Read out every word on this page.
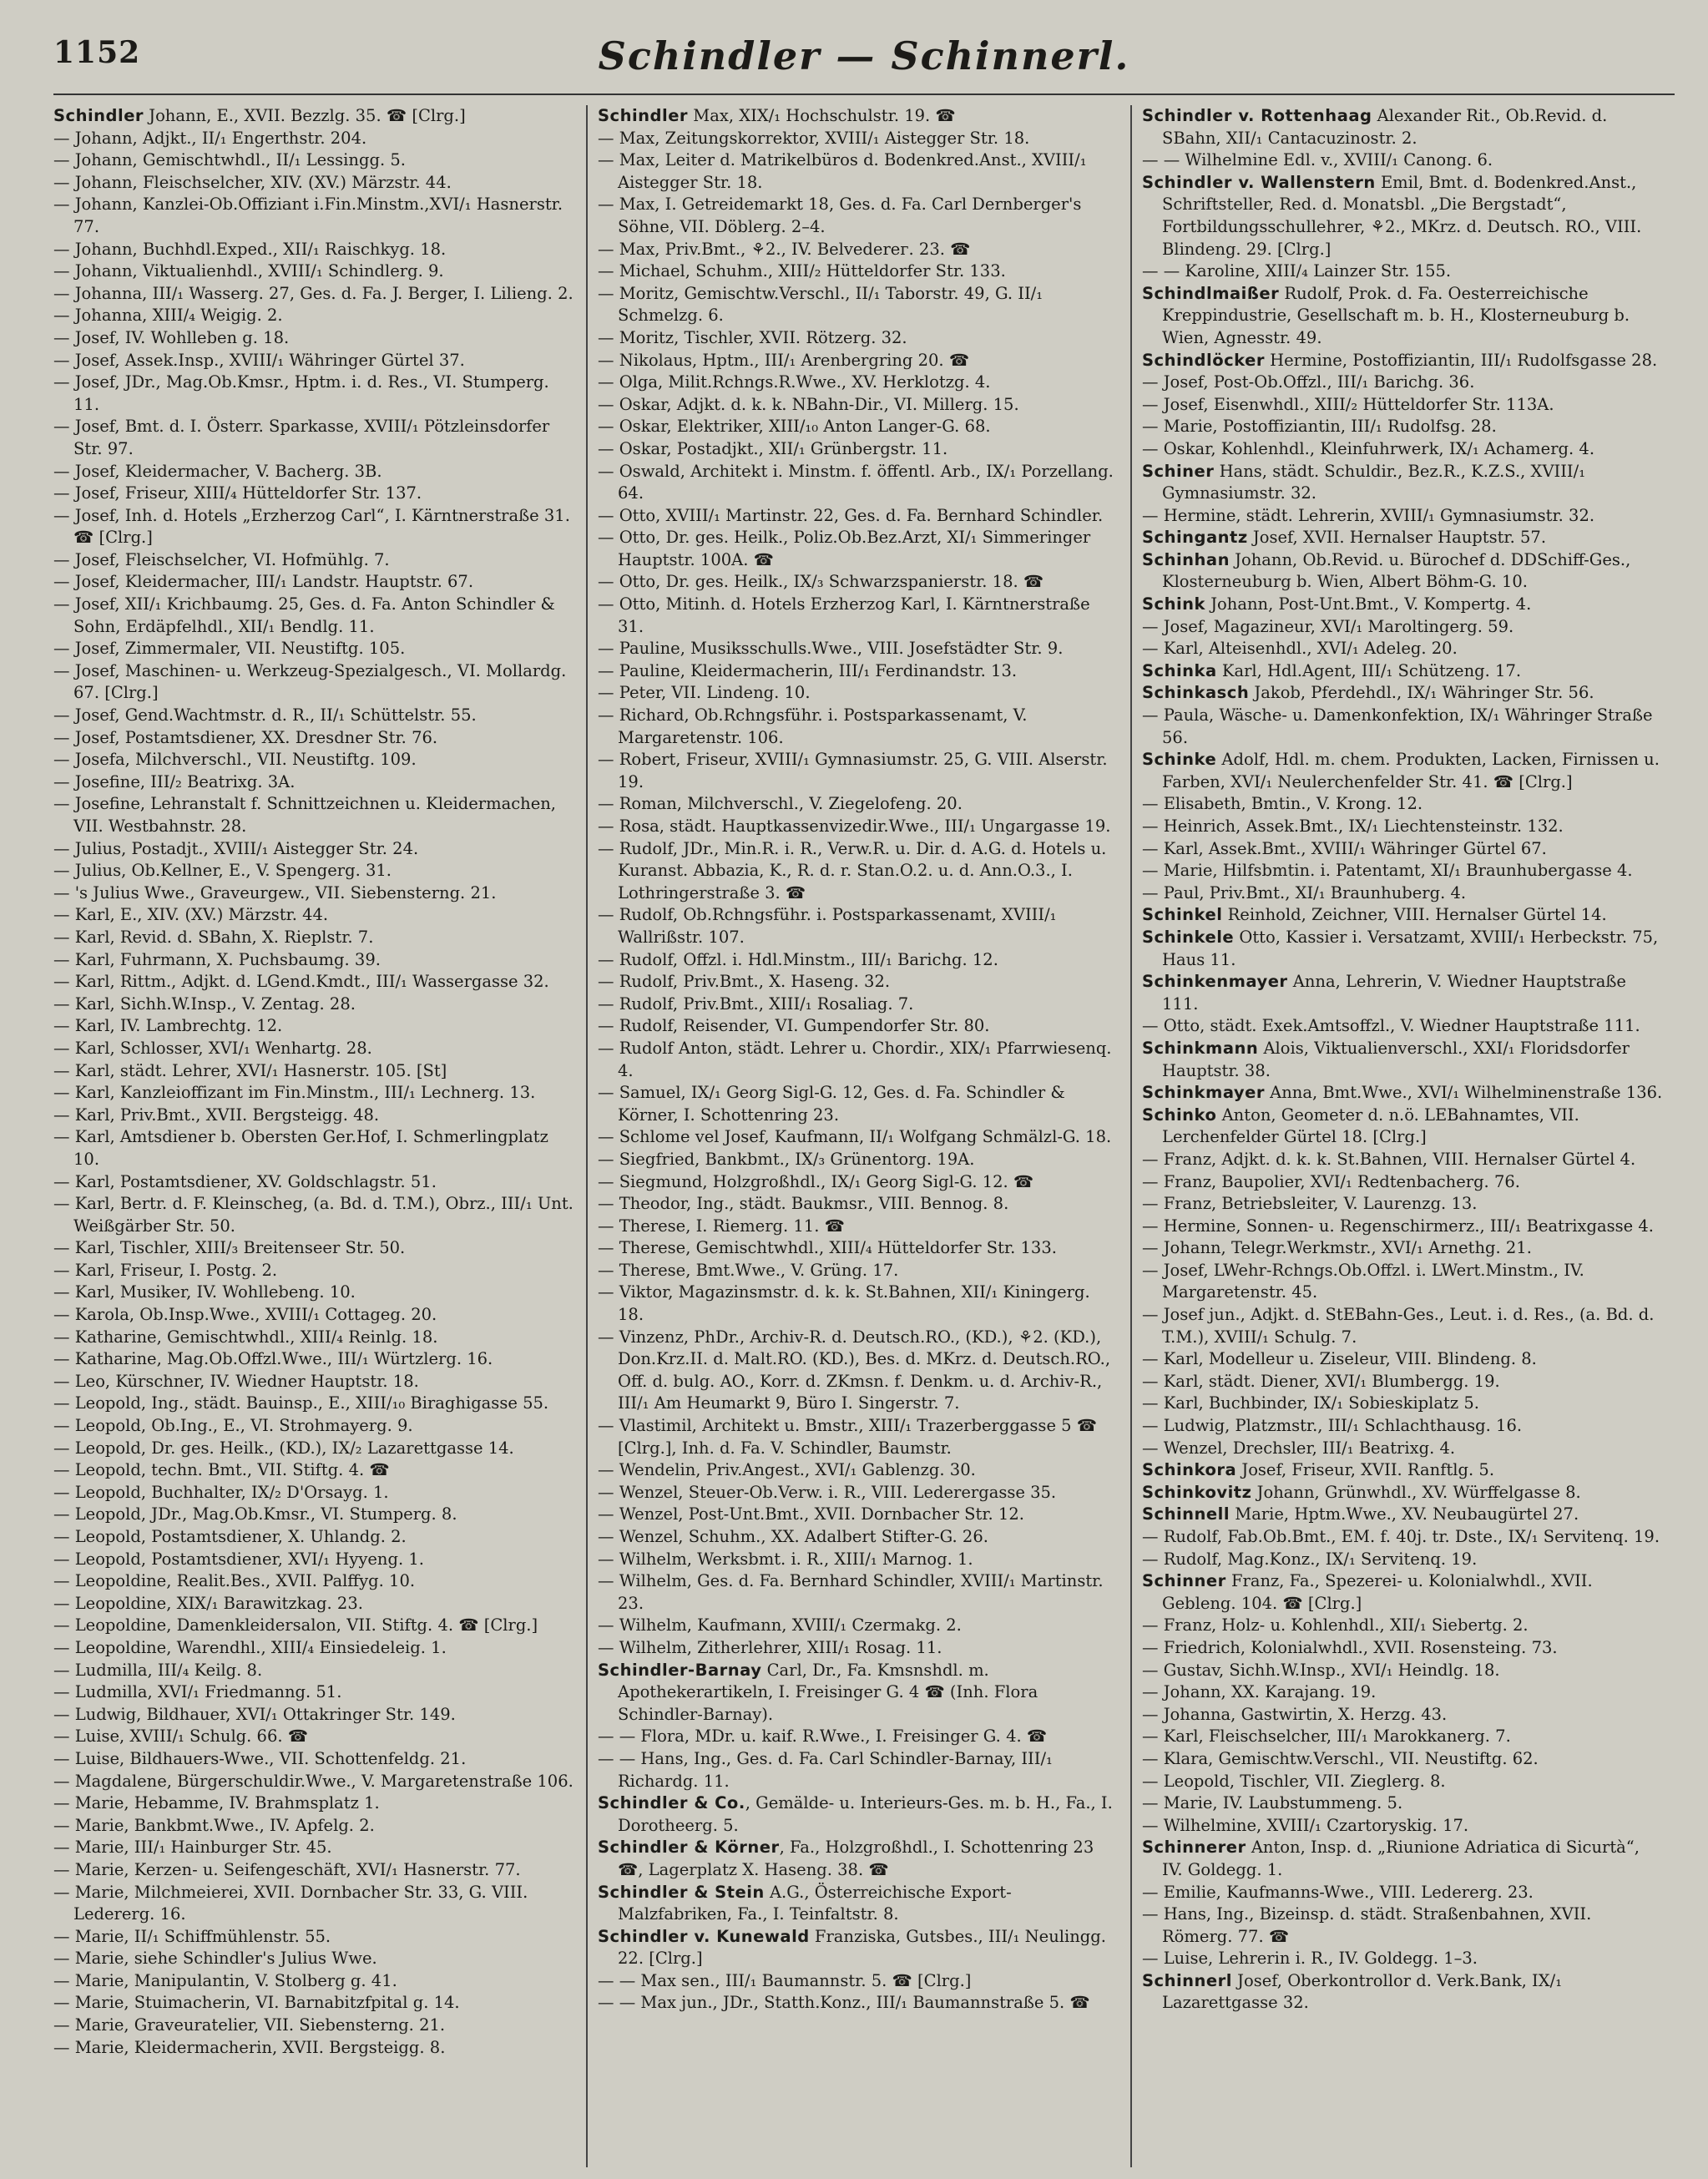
1152	Schindler — Schinnerl.
Schindler Johann, E., XVII. Bezzlg. 35. ☎ [Clrg.]
— Johann, Adjkt., II/₁ Engerthstr. 204.
— Johann, Gemischtwhdl., II/₁ Lessingg. 5.
— Johann, Fleischselcher, XIV. (XV.) Märzstr. 44.
— Johann, Kanzlei-Ob.Offiziant i.Fin.Minstm.,XVI/₁ Hasnerstr. 77.
— Johann, Buchhdl.Exped., XII/₁ Raischkyg. 18.
— Johann, Viktualienhdl., XVIII/₁ Schindlerg. 9.
— Johanna, III/₁ Wasserg. 27, Ges. d. Fa. J. Berger, I. Lilieng. 2.
— Johanna, XIII/₄ Weigig. 2.
— Josef, IV. Wohlleben g. 18.
— Josef, Assek.Insp., XVIII/₁ Währinger Gürtel 37.
— Josef, JDr., Mag.Ob.Kmsr., Hptm. i. d. Res., VI. Stumperg. 11.
— Josef, Bmt. d. I. Österr. Sparkasse, XVIII/₁ Pötzleinsdorfer Str. 97.
— Josef, Kleidermacher, V. Bacherg. 3B.
— Josef, Friseur, XIII/₄ Hütteldorfer Str. 137.
— Josef, Inh. d. Hotels „Erzherzog Carl“, I. Kärntnerstraße 31. ☎ [Clrg.]
— Josef, Fleischselcher, VI. Hofmühlg. 7.
— Josef, Kleidermacher, III/₁ Landstr. Hauptstr. 67.
— Josef, XII/₁ Krichbaumg. 25, Ges. d. Fa. Anton Schindler & Sohn, Erdäpfelhdl., XII/₁ Bendlg. 11.
— Josef, Zimmermaler, VII. Neustiftg. 105.
— Josef, Maschinen- u. Werkzeug-Spezialgesch., VI. Mollardg. 67. [Clrg.]
— Josef, Gend.Wachtmstr. d. R., II/₁ Schüttelstr. 55.
— Josef, Postamtsdiener, XX. Dresdner Str. 76.
— Josefa, Milchverschl., VII. Neustiftg. 109.
— Josefine, III/₂ Beatrixg. 3A.
— Josefine, Lehranstalt f. Schnittzeichnen u. Kleidermachen, VII. Westbahnstr. 28.
— Julius, Postadjt., XVIII/₁ Aistegger Str. 24.
— Julius, Ob.Kellner, E., V. Spengerg. 31.
— 's Julius Wwe., Graveurgew., VII. Siebensterng. 21.
— Karl, E., XIV. (XV.) Märzstr. 44.
— Karl, Revid. d. SBahn, X. Rieplstr. 7.
— Karl, Fuhrmann, X. Puchsbaumg. 39.
— Karl, Rittm., Adjkt. d. LGend.Kmdt., III/₁ Wassergasse 32.
— Karl, Sichh.W.Insp., V. Zentag. 28.
— Karl, IV. Lambrechtg. 12.
— Karl, Schlosser, XVI/₁ Wenhartg. 28.
— Karl, städt. Lehrer, XVI/₁ Hasnerstr. 105. [St]
— Karl, Kanzleioffizant im Fin.Minstm., III/₁ Lechnerg. 13.
— Karl, Priv.Bmt., XVII. Bergsteigg. 48.
— Karl, Amtsdiener b. Obersten Ger.Hof, I. Schmerlingplatz 10.
— Karl, Postamtsdiener, XV. Goldschlagstr. 51.
— Karl, Bertr. d. F. Kleinscheg, (a. Bd. d. T.M.), Obrz., III/₁ Unt. Weißgärber Str. 50.
— Karl, Tischler, XIII/₃ Breitenseer Str. 50.
— Karl, Friseur, I. Postg. 2.
— Karl, Musiker, IV. Wohllebeng. 10.
— Karola, Ob.Insp.Wwe., XVIII/₁ Cottageg. 20.
— Katharine, Gemischtwhdl., XIII/₄ Reinlg. 18.
— Katharine, Mag.Ob.Offzl.Wwe., III/₁ Würtzlerg. 16.
— Leo, Kürschner, IV. Wiedner Hauptstr. 18.
— Leopold, Ing., städt. Bauinsp., E., XIII/₁₀ Biraghigasse 55.
— Leopold, Ob.Ing., E., VI. Strohmayerg. 9.
— Leopold, Dr. ges. Heilk., (KD.), IX/₂ Lazarettgasse 14.
— Leopold, techn. Bmt., VII. Stiftg. 4. ☎
— Leopold, Buchhalter, IX/₂ D'Orsayg. 1.
— Leopold, JDr., Mag.Ob.Kmsr., VI. Stumperg. 8.
— Leopold, Postamtsdiener, X. Uhlandg. 2.
— Leopold, Postamtsdiener, XVI/₁ Hyyeng. 1.
— Leopoldine, Realit.Bes., XVII. Palffyg. 10.
— Leopoldine, XIX/₁ Barawitzkag. 23.
— Leopoldine, Damenkleidersalon, VII. Stiftg. 4. ☎ [Clrg.]
— Leopoldine, Warendhl., XIII/₄ Einsiedeleig. 1.
— Ludmilla, III/₄ Keilg. 8.
— Ludmilla, XVI/₁ Friedmanng. 51.
— Ludwig, Bildhauer, XVI/₁ Ottakringer Str. 149.
— Luise, XVIII/₁ Schulg. 66. ☎
— Luise, Bildhauers-Wwe., VII. Schottenfeldg. 21.
— Magdalene, Bürgerschuldir.Wwe., V. Margaretenstraße 106.
— Marie, Hebamme, IV. Brahmsplatz 1.
— Marie, Bankbmt.Wwe., IV. Apfelg. 2.
— Marie, III/₁ Hainburger Str. 45.
— Marie, Kerzen- u. Seifengeschäft, XVI/₁ Hasnerstr. 77.
— Marie, Milchmeierei, XVII. Dornbacher Str. 33, G. VIII. Ledererg. 16.
— Marie, II/₁ Schiffmühlenstr. 55.
— Marie, siehe Schindler's Julius Wwe.
— Marie, Manipulantin, V. Stolberg g. 41.
— Marie, Stuimacherin, VI. Barnabitzfpital g. 14.
— Marie, Graveuratelier, VII. Siebensterng. 21.
— Marie, Kleidermacherin, XVII. Bergsteigg. 8.
Schindler Max, XIX/₁ Hochschulstr. 19. ☎
— Max, Zeitungskorrektor, XVIII/₁ Aistegger Str. 18.
— Max, Leiter d. Matrikelbüros d. Bodenkred.Anst., XVIII/₁ Aistegger Str. 18.
— Max, I. Getreidemarkt 18, Ges. d. Fa. Carl Dernberger's Söhne, VII. Döblerg. 2–4.
— Max, Priv.Bmt., ⚘2., IV. Belvederег. 23. ☎
— Michael, Schuhm., XIII/₂ Hütteldorfer Str. 133.
— Moritz, Gemischtw.Verschl., II/₁ Taborstr. 49, G. II/₁ Schmelzg. 6.
— Moritz, Tischler, XVII. Rötzerg. 32.
— Nikolaus, Hptm., III/₁ Arenbergring 20. ☎
— Olga, Milit.Rchngs.R.Wwe., XV. Herklotzg. 4.
— Oskar, Adjkt. d. k. k. NBahn-Dir., VI. Millerg. 15.
— Oskar, Elektriker, XIII/₁₀ Anton Langer-G. 68.
— Oskar, Postadjkt., XII/₁ Grünbergstr. 11.
— Oswald, Architekt i. Minstm. f. öffentl. Arb., IX/₁ Porzellang. 64.
— Otto, XVIII/₁ Martinstr. 22, Ges. d. Fa. Bernhard Schindler.
— Otto, Dr. ges. Heilk., Poliz.Ob.Bez.Arzt, XI/₁ Simmeringer Hauptstr. 100A. ☎
— Otto, Dr. ges. Heilk., IX/₃ Schwarzspanierstr. 18. ☎
— Otto, Mitinh. d. Hotels Erzherzog Karl, I. Kärntnerstraße 31.
— Pauline, Musiksschulls.Wwe., VIII. Josefstädter Str. 9.
— Pauline, Kleidermacherin, III/₁ Ferdinandstr. 13.
— Peter, VII. Lindeng. 10.
— Richard, Ob.Rchngsführ. i. Postsparkassenamt, V. Margaretenstr. 106.
— Robert, Friseur, XVIII/₁ Gymnasiumstr. 25, G. VIII. Alserstr. 19.
— Roman, Milchverschl., V. Ziegelofeng. 20.
— Rosa, städt. Hauptkassenvizedir.Wwe., III/₁ Ungargasse 19.
— Rudolf, JDr., Min.R. i. R., Verw.R. u. Dir. d. A.G. d. Hotels u. Kuranst. Abbazia, K., R. d. r. Stan.O.2. u. d. Ann.O.3., I. Lothringerstraße 3. ☎
— Rudolf, Ob.Rchngsführ. i. Postsparkassenamt, XVIII/₁ Wallrißstr. 107.
— Rudolf, Offzl. i. Hdl.Minstm., III/₁ Barichg. 12.
— Rudolf, Priv.Bmt., X. Haseng. 32.
— Rudolf, Priv.Bmt., XIII/₁ Rosaliag. 7.
— Rudolf, Reisender, VI. Gumpendorfer Str. 80.
— Rudolf Anton, städt. Lehrer u. Chordir., XIX/₁ Pfarrwiesenq. 4.
— Samuel, IX/₁ Georg Sigl-G. 12, Ges. d. Fa. Schindler & Körner, I. Schottenring 23.
— Schlome vel Josef, Kaufmann, II/₁ Wolfgang Schmälzl-G. 18.
— Siegfried, Bankbmt., IX/₃ Grünentorg. 19A.
— Siegmund, Holzgroßhdl., IX/₁ Georg Sigl-G. 12. ☎
— Theodor, Ing., städt. Baukmsr., VIII. Bennog. 8.
— Therese, I. Riemerg. 11. ☎
— Therese, Gemischtwhdl., XIII/₄ Hütteldorfer Str. 133.
— Therese, Bmt.Wwe., V. Grüng. 17.
— Viktor, Magazinsmstr. d. k. k. St.Bahnen, XII/₁ Kiningerg. 18.
— Vinzenz, PhDr., Archiv-R. d. Deutsch.RO., (KD.), ⚘2. (KD.), Don.Krz.II. d. Malt.RO. (KD.), Bes. d. MKrz. d. Deutsch.RO., Off. d. bulg. AO., Korr. d. ZKmsn. f. Denkm. u. d. Archiv-R., III/₁ Am Heumarkt 9, Büro I. Singerstr. 7.
— Vlastimil, Architekt u. Bmstr., XIII/₁ Trazerberggasse 5 ☎ [Clrg.], Inh. d. Fa. V. Schindler, Baumstr.
— Wendelin, Priv.Angest., XVI/₁ Gablenzg. 30.
— Wenzel, Steuer-Ob.Verw. i. R., VIII. Lederergasse 35.
— Wenzel, Post-Unt.Bmt., XVII. Dornbacher Str. 12.
— Wenzel, Schuhm., XX. Adalbert Stifter-G. 26.
— Wilhelm, Werksbmt. i. R., XIII/₁ Marnog. 1.
— Wilhelm, Ges. d. Fa. Bernhard Schindler, XVIII/₁ Martinstr. 23.
— Wilhelm, Kaufmann, XVIII/₁ Czermakg. 2.
— Wilhelm, Zitherlehrer, XIII/₁ Rosag. 11.
Schindler-Barnay Carl, Dr., Fa. Kmsnshdl. m. Apothekerartikeln, I. Freisinger G. 4 ☎ (Inh. Flora Schindler-Barnay).
— — Flora, MDr. u. kaif. R.Wwe., I. Freisinger G. 4. ☎
— — Hans, Ing., Ges. d. Fa. Carl Schindler-Barnay, III/₁ Richardg. 11.
Schindler & Co., Gemälde- u. Interieurs-Ges. m. b. H., Fa., I. Dorotheerg. 5.
Schindler & Körner, Fa., Holzgroßhdl., I. Schottenring 23 ☎, Lagerplatz X. Haseng. 38. ☎
Schindler & Stein A.G., Österreichische Export-Malzfabriken, Fa., I. Teinfaltstr. 8.
Schindler v. Kunewald Franziska, Gutsbes., III/₁ Neulingg. 22. [Clrg.]
— — Max sen., III/₁ Baumannstr. 5. ☎ [Clrg.]
— — Max jun., JDr., Statth.Konz., III/₁ Baumannstraße 5. ☎
Schindler v. Rottenhaag Alexander Rit., Ob.Revid. d. SBahn, XII/₁ Cantacuzinostr. 2.
— — Wilhelmine Edl. v., XVIII/₁ Canong. 6.
Schindler v. Wallenstern Emil, Bmt. d. Bodenkred.Anst., Schriftsteller, Red. d. Monatsbl. „Die Bergstadt“, Fortbildungsschullehrer, ⚘2., MKrz. d. Deutsch. RO., VIII. Blindeng. 29. [Clrg.]
— — Karoline, XIII/₄ Lainzer Str. 155.
Schindlmaißer Rudolf, Prok. d. Fa. Oesterreichische Kreppindustrie, Gesellschaft m. b. H., Klosterneuburg b. Wien, Agnesstr. 49.
Schindlöcker Hermine, Postoffiziantin, III/₁ Rudolfsgasse 28.
— Josef, Post-Ob.Offzl., III/₁ Barichg. 36.
— Josef, Eisenwhdl., XIII/₂ Hütteldorfer Str. 113A.
— Marie, Postoffiziantin, III/₁ Rudolfsg. 28.
— Oskar, Kohlenhdl., Kleinfuhrwerk, IX/₁ Achamerg. 4.
Schiner Hans, städt. Schuldir., Bez.R., K.Z.S., XVIII/₁ Gymnasiumstr. 32.
— Hermine, städt. Lehrerin, XVIII/₁ Gymnasiumstr. 32.
Schingantz Josef, XVII. Hernalser Hauptstr. 57.
Schinhan Johann, Ob.Revid. u. Bürochef d. DDSchiff-Ges., Klosterneuburg b. Wien, Albert Böhm-G. 10.
Schink Johann, Post-Unt.Bmt., V. Kompertg. 4.
— Josef, Magazineur, XVI/₁ Maroltingerg. 59.
— Karl, Alteisenhdl., XVI/₁ Adeleg. 20.
Schinka Karl, Hdl.Agent, III/₁ Schützeng. 17.
Schinkasch Jakob, Pferdehdl., IX/₁ Währinger Str. 56.
— Paula, Wäsche- u. Damenkonfektion, IX/₁ Währinger Straße 56.
Schinke Adolf, Hdl. m. chem. Produkten, Lacken, Firnissen u. Farben, XVI/₁ Neulerchenfelder Str. 41. ☎ [Clrg.]
— Elisabeth, Bmtin., V. Krong. 12.
— Heinrich, Assek.Bmt., IX/₁ Liechtensteinstr. 132.
— Karl, Assek.Bmt., XVIII/₁ Währinger Gürtel 67.
— Marie, Hilfsbmtin. i. Patentamt, XI/₁ Braunhubergasse 4.
— Paul, Priv.Bmt., XI/₁ Braunhuberg. 4.
Schinkel Reinhold, Zeichner, VIII. Hernalser Gürtel 14.
Schinkele Otto, Kassier i. Versatzamt, XVIII/₁ Herbeckstr. 75, Haus 11.
Schinkenmayer Anna, Lehrerin, V. Wiedner Hauptstraße 111.
— Otto, städt. Exek.Amtsoffzl., V. Wiedner Hauptstraße 111.
Schinkmann Alois, Viktualienverschl., XXI/₁ Floridsdorfer Hauptstr. 38.
Schinkmayer Anna, Bmt.Wwe., XVI/₁ Wilhelminenstraße 136.
Schinko Anton, Geometer d. n.ö. LEBahnamtes, VII. Lerchenfelder Gürtel 18. [Clrg.]
— Franz, Adjkt. d. k. k. St.Bahnen, VIII. Hernalser Gürtel 4.
— Franz, Baupolier, XVI/₁ Redtenbacherg. 76.
— Franz, Betriebsleiter, V. Laurenzg. 13.
— Hermine, Sonnen- u. Regenschirmerz., III/₁ Beatrixgasse 4.
— Johann, Telegr.Werkmstr., XVI/₁ Arnethg. 21.
— Josef, LWehr-Rchngs.Ob.Offzl. i. LWert.Minstm., IV. Margaretenstr. 45.
— Josef jun., Adjkt. d. StEBahn-Ges., Leut. i. d. Res., (a. Bd. d. T.M.), XVIII/₁ Schulg. 7.
— Karl, Modelleur u. Ziseleur, VIII. Blindeng. 8.
— Karl, städt. Diener, XVI/₁ Blumbergg. 19.
— Karl, Buchbinder, IX/₁ Sobieskiplatz 5.
— Ludwig, Platzmstr., III/₁ Schlachthausg. 16.
— Wenzel, Drechsler, III/₁ Beatrixg. 4.
Schinkora Josef, Friseur, XVII. Ranftlg. 5.
Schinkovitz Johann, Grünwhdl., XV. Würffelgasse 8.
Schinnell Marie, Hptm.Wwe., XV. Neubaugürtel 27.
— Rudolf, Fab.Ob.Bmt., EM. f. 40j. tr. Dste., IX/₁ Servitenq. 19.
— Rudolf, Mag.Konz., IX/₁ Servitenq. 19.
Schinner Franz, Fa., Spezerei- u. Kolonialwhdl., XVII. Gebleng. 104. ☎ [Clrg.]
— Franz, Holz- u. Kohlenhdl., XII/₁ Siebertg. 2.
— Friedrich, Kolonialwhdl., XVII. Rosensteing. 73.
— Gustav, Sichh.W.Insp., XVI/₁ Heindlg. 18.
— Johann, XX. Karajang. 19.
— Johanna, Gastwirtin, X. Herzg. 43.
— Karl, Fleischselcher, III/₁ Marokkanerg. 7.
— Klara, Gemischtw.Verschl., VII. Neustiftg. 62.
— Leopold, Tischler, VII. Zieglerg. 8.
— Marie, IV. Laubstummeng. 5.
— Wilhelmine, XVIII/₁ Czartoryskig. 17.
Schinnerer Anton, Insp. d. „Riunione Adriatica di Sicurtà“, IV. Goldegg. 1.
— Emilie, Kaufmanns-Wwe., VIII. Ledererg. 23.
— Hans, Ing., Bizeinsp. d. städt. Straßenbahnen, XVII. Römerg. 77. ☎
— Luise, Lehrerin i. R., IV. Goldegg. 1–3.
Schinnerl Josef, Oberkontrollor d. Verk.Bank, IX/₁ Lazarettgasse 32.
